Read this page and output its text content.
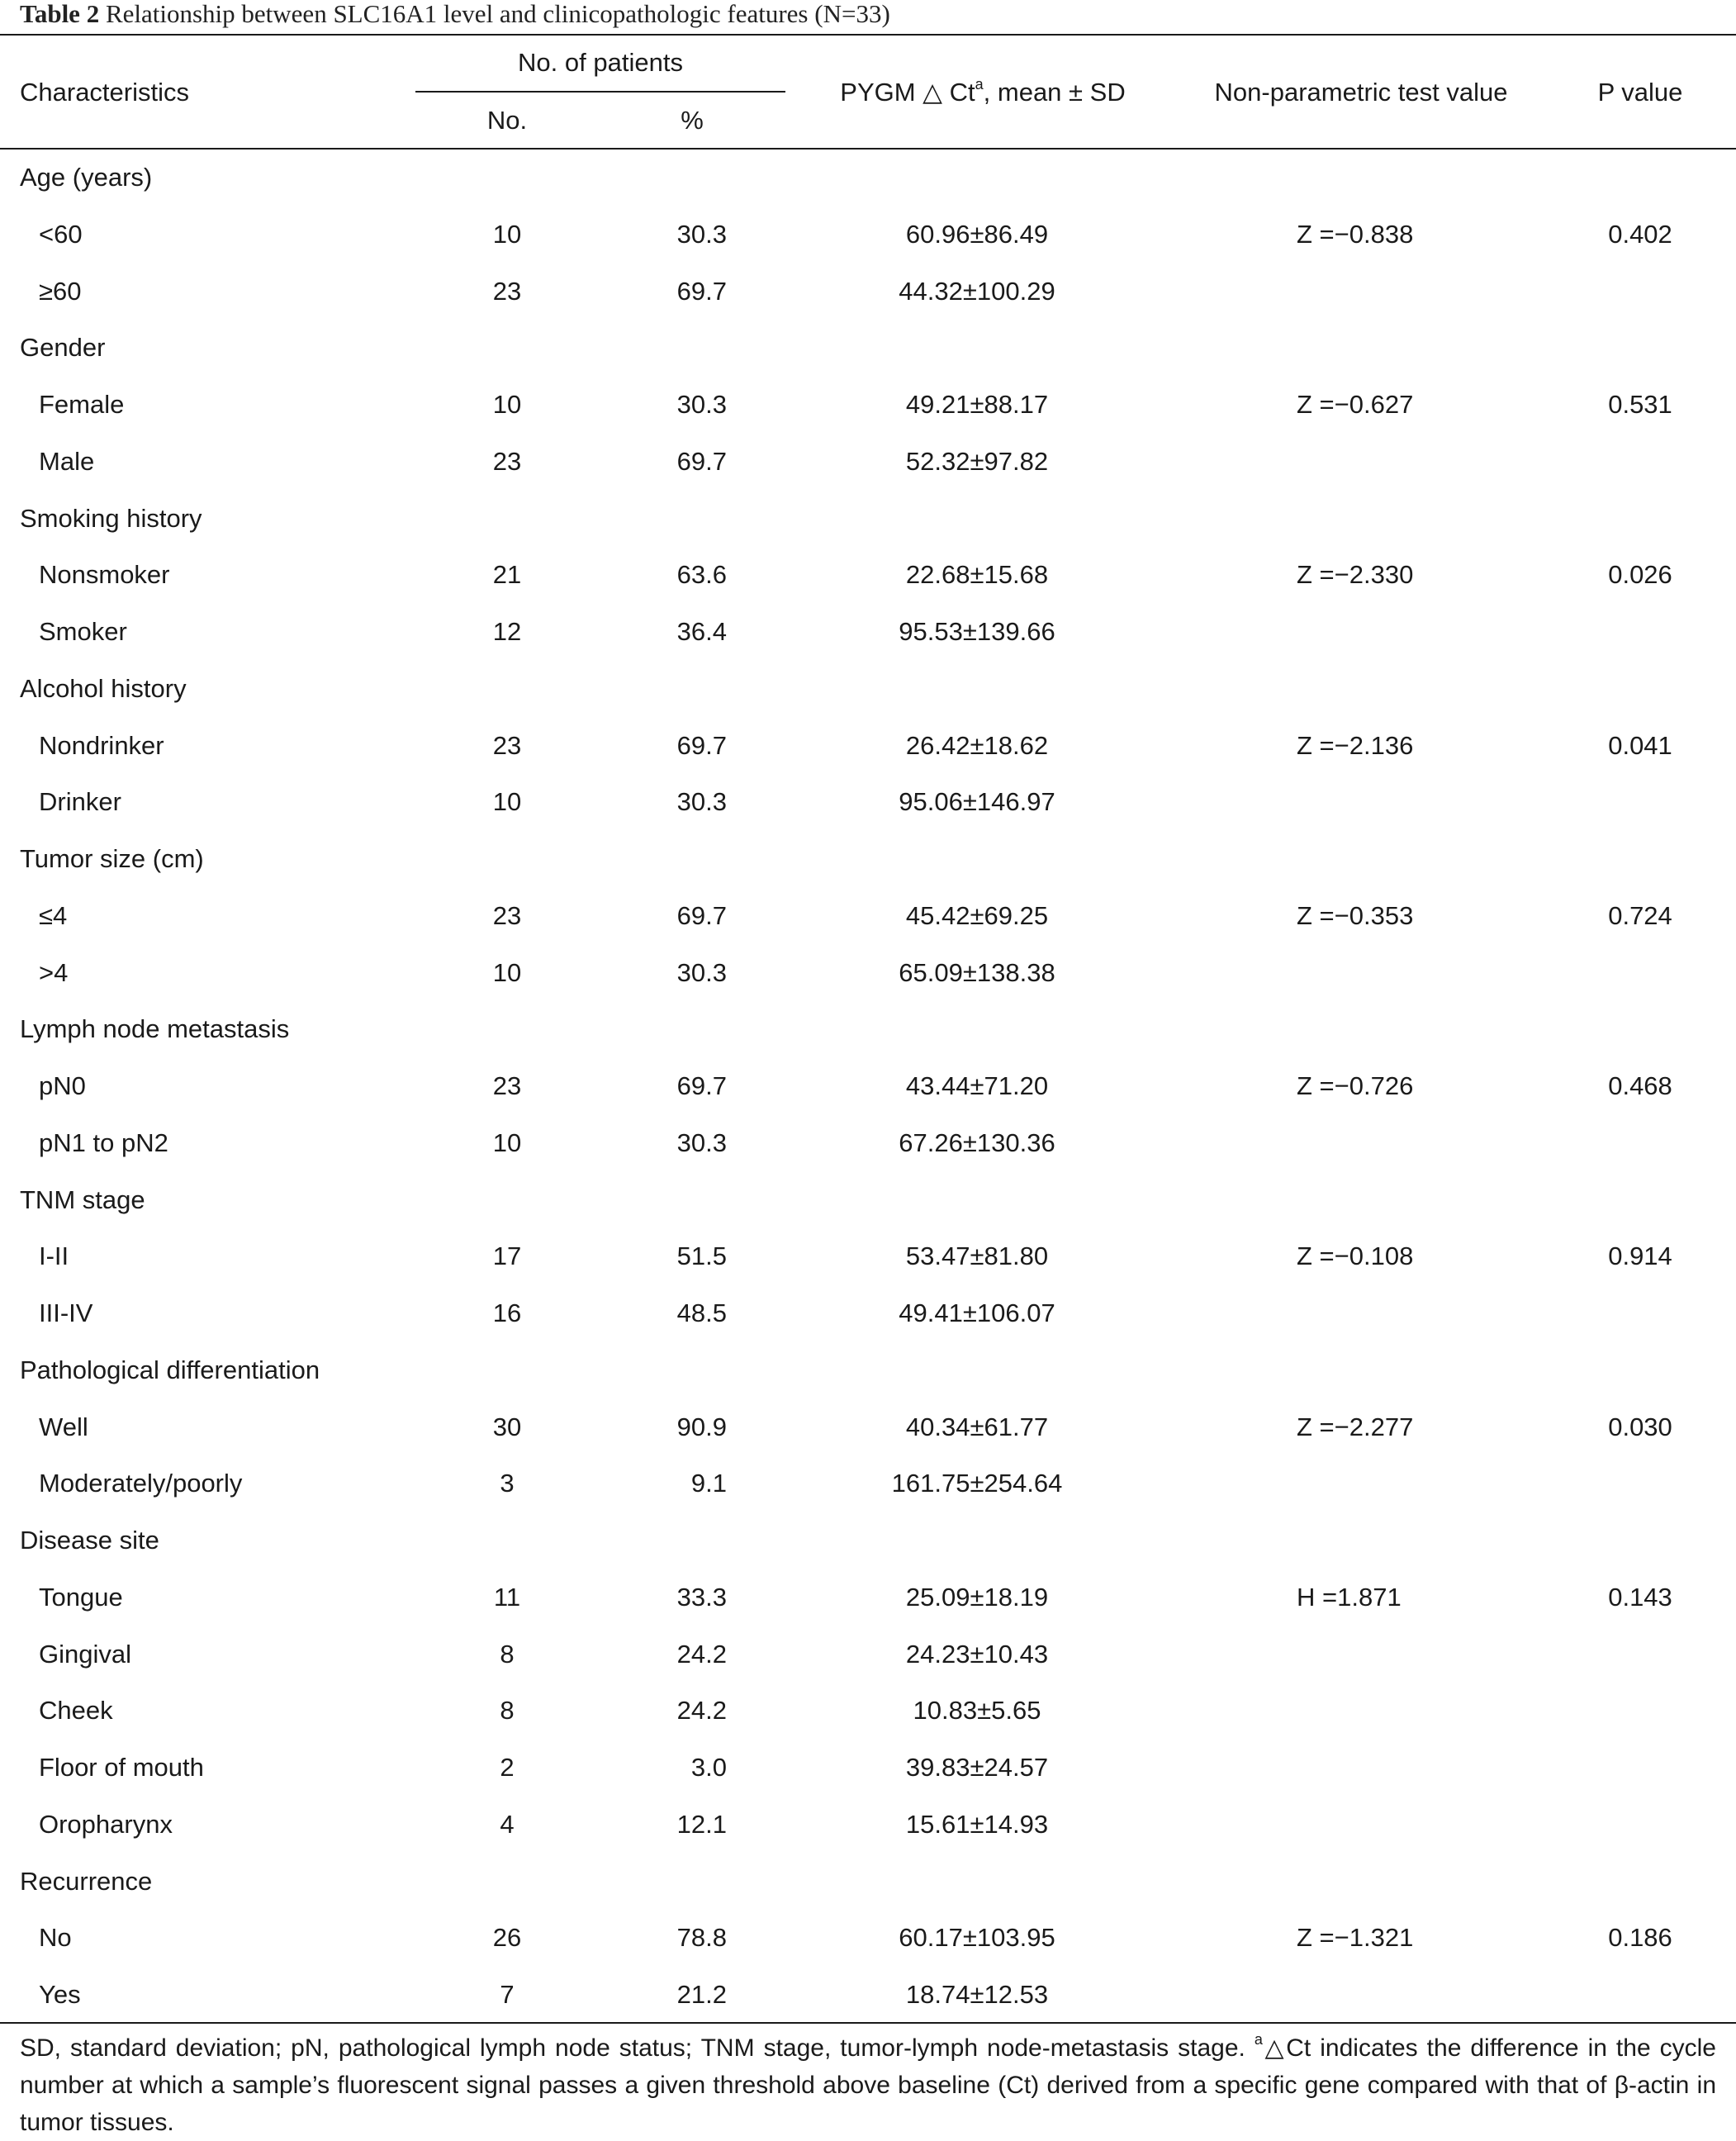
Table 2 Relationship between SLC16A1 level and clinicopathologic features (N=33)
Characteristics
No. of patients
No.	%
PYGM △ Ct$^a$, mean ± SD	Non-parametric test value	P value
Age (years)
<60	10	30.3	60.96±86.49	Z =−0.838	0.402
≥60	23	69.7	44.32±100.29
Gender
Female	10	30.3	49.21±88.17	Z =−0.627	0.531
Male	23	69.7	52.32±97.82
Smoking history
Nonsmoker	21	63.6	22.68±15.68	Z =−2.330	0.026
Smoker	12	36.4	95.53±139.66
Alcohol history
Nondrinker	23	69.7	26.42±18.62	Z =−2.136	0.041
Drinker	10	30.3	95.06±146.97
Tumor size (cm)
≤4	23	69.7	45.42±69.25	Z =−0.353	0.724
>4	10	30.3	65.09±138.38
Lymph node metastasis
pN0	23	69.7	43.44±71.20	Z =−0.726	0.468
pN1 to pN2	10	30.3	67.26±130.36
TNM stage
I-II	17	51.5	53.47±81.80	Z =−0.108	0.914
III-IV	16	48.5	49.41±106.07
Pathological differentiation
Well	30	90.9	40.34±61.77	Z =−2.277	0.030
Moderately/poorly	3	9.1	161.75±254.64
Disease site
Tongue	11	33.3	25.09±18.19	H =1.871	0.143
Gingival	8	24.2	24.23±10.43
Cheek	8	24.2	10.83±5.65
Floor of mouth	2	3.0	39.83±24.57
Oropharynx	4	12.1	15.61±14.93
Recurrence
No	26	78.8	60.17±103.95	Z =−1.321	0.186
Yes	7	21.2	18.74±12.53
SD, standard deviation; pN, pathological lymph node status; TNM stage, tumor-lymph node-metastasis stage. $^a$△Ct indicates the difference in the cycle number at which a sample’s fluorescent signal passes a given threshold above baseline (Ct) derived from a specific gene compared with that of β-actin in tumor tissues.
